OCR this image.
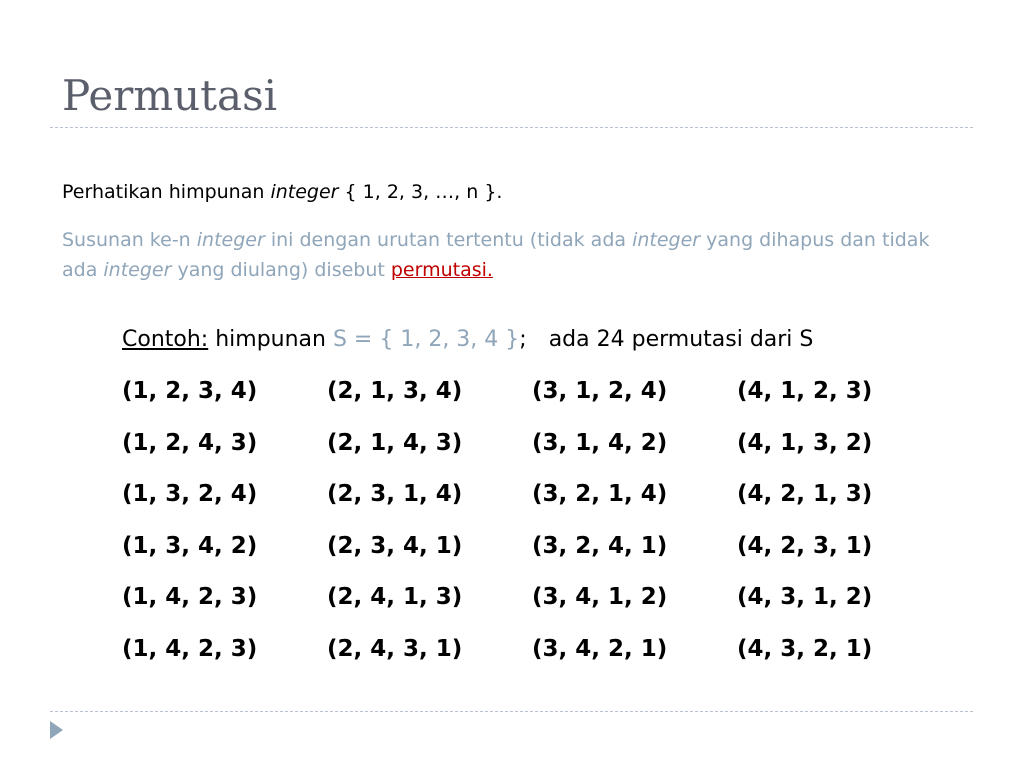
Permutasi
Perhatikan himpunan integer { 1, 2, 3, …, n }.
Susunan ke-n integer ini dengan urutan tertentu (tidak ada integer yang dihapus dan tidak ada integer yang diulang) disebut permutasi.
Contoh: himpunan S = { 1, 2, 3, 4 }; ada 24 permutasi dari S
(1, 2, 3, 4)	(2, 1, 3, 4)	(3, 1, 2, 4)	(4, 1, 2, 3)
(1, 2, 4, 3)	(2, 1, 4, 3)	(3, 1, 4, 2)	(4, 1, 3, 2)
(1, 3, 2, 4)	(2, 3, 1, 4)	(3, 2, 1, 4)	(4, 2, 1, 3)
(1, 3, 4, 2)	(2, 3, 4, 1)	(3, 2, 4, 1)	(4, 2, 3, 1)
(1, 4, 2, 3)	(2, 4, 1, 3)	(3, 4, 1, 2)	(4, 3, 1, 2)
(1, 4, 2, 3)	(2, 4, 3, 1)	(3, 4, 2, 1)	(4, 3, 2, 1)
